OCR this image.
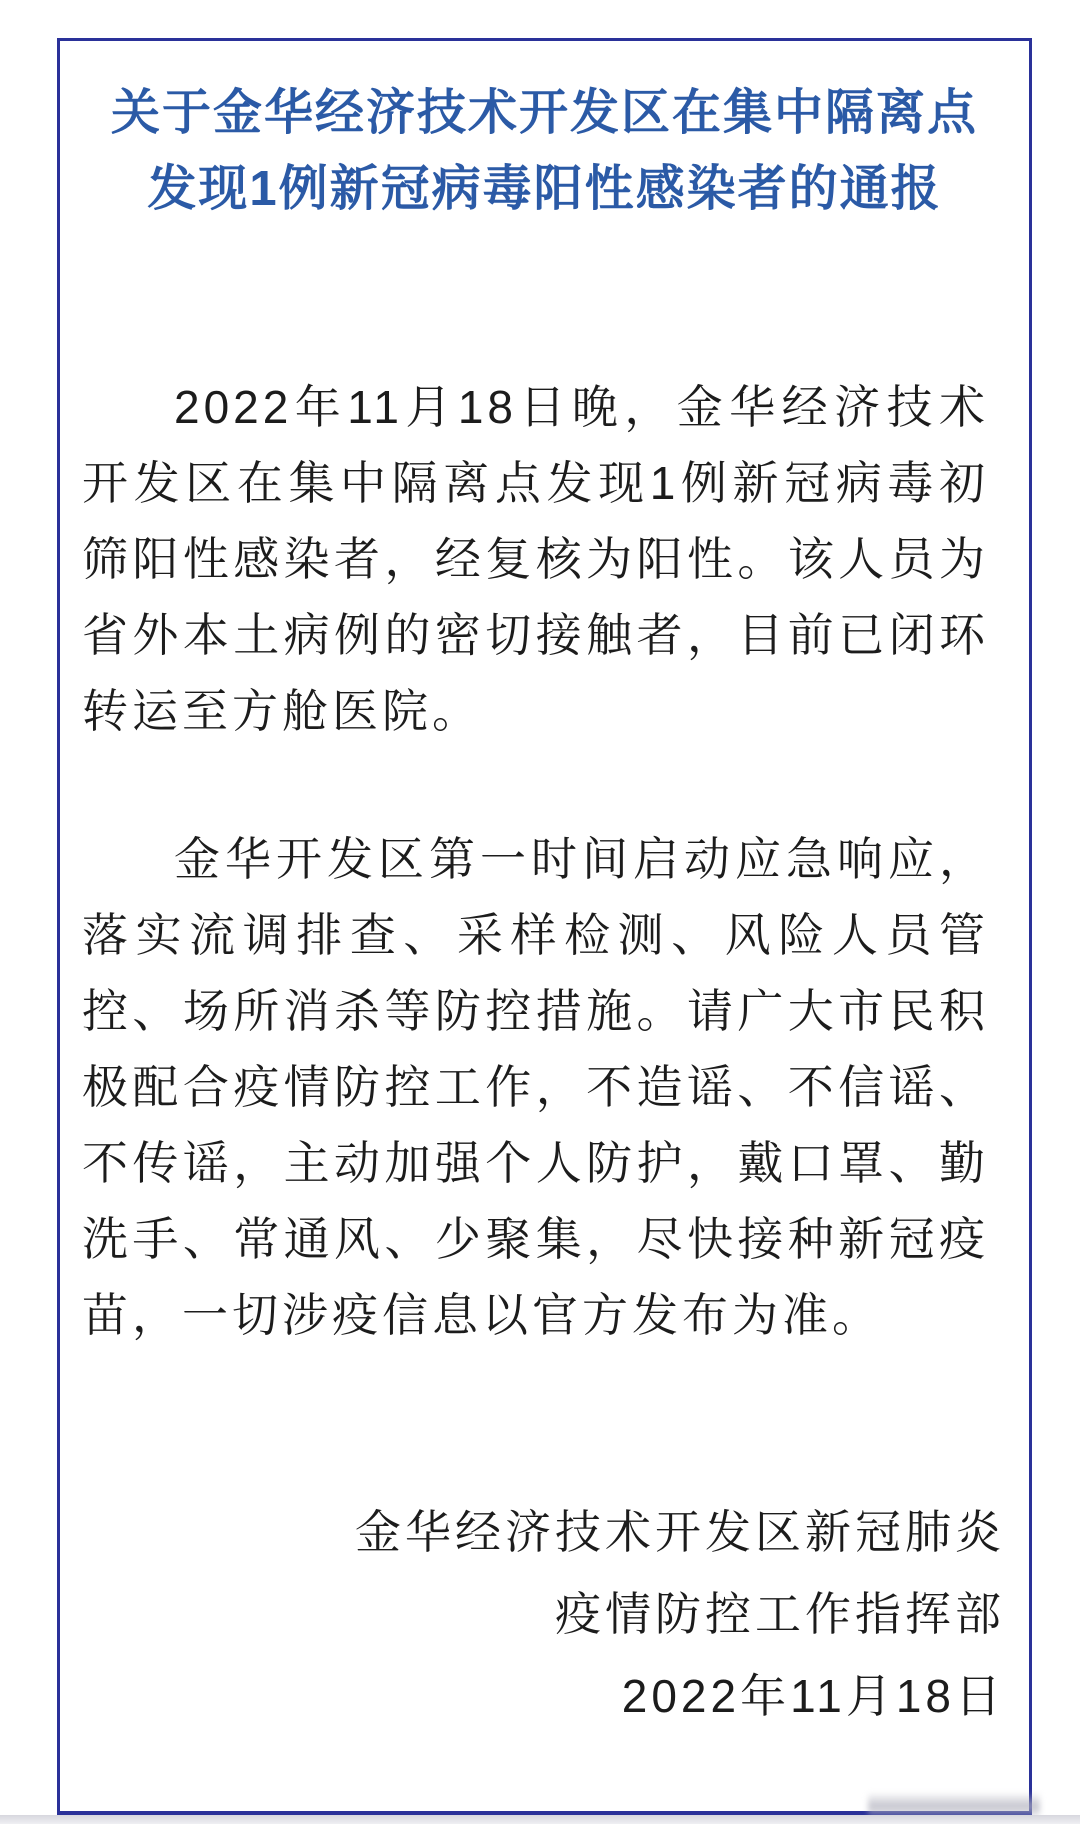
关于金华经济技术开发区在集中隔离点
发现1例新冠病毒阳性感染者的通报

2022年11月18日晚，金华经济技术开发区在集中隔离点发现1例新冠病毒初筛阳性感染者，经复核为阳性。该人员为省外本土病例的密切接触者，目前已闭环转运至方舱医院。

金华开发区第一时间启动应急响应，落实流调排查、采样检测、风险人员管控、场所消杀等防控措施。请广大市民积极配合疫情防控工作，不造谣、不信谣、不传谣，主动加强个人防护，戴口罩、勤洗手、常通风、少聚集，尽快接种新冠疫苗，一切涉疫信息以官方发布为准。

金华经济技术开发区新冠肺炎
疫情防控工作指挥部
2022年11月18日
